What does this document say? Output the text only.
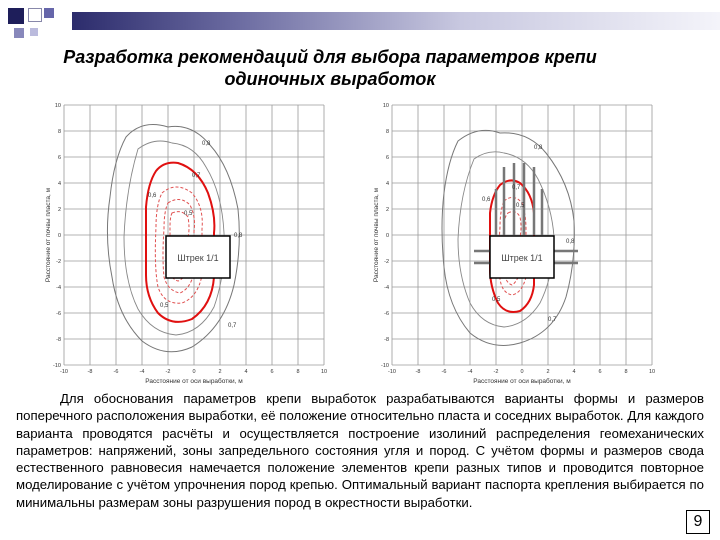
Разработка рекомендаций для выбора параметров крепи
одиночных выработок
Штрек 1/1
0,8
0,7
0,6
0,5
0,5
0,8
0,7
10
8
6
4
2
0
-2
-4
-6
-8
-10
-10	-8	-6	-4	-2	0	2	4	6	8	10
Расстояние от оси выработки, м
Расстояние от почвы пласта, м	Штрек 1/1
0,8
0,7
0,6
0,5
0,5
0,8
0,7
10
8
6
4
2
0
-2
-4
-6
-8
-10
-10	-8	-6	-4	-2	0	2	4	6	8	10
Расстояние от оси выработки, м
Расстояние от почвы пласта, м
Для обоснования параметров крепи выработок разрабатываются варианты формы и размеров поперечного расположения выработки, её положение относительно пласта и соседних выработок. Для каждого варианта проводятся расчёты и осуществляется построение изолиний распределения геомеханических параметров: напряжений, зоны запредельного состояния угля и пород. С учётом формы и размеров свода естественного равновесия намечается положение элементов крепи разных типов и проводится повторное моделирование с учётом упрочнения пород крепью. Оптимальный вариант паспорта крепления выбирается по минимальны размерам зоны разрушения пород в окрестности выработки.
9
